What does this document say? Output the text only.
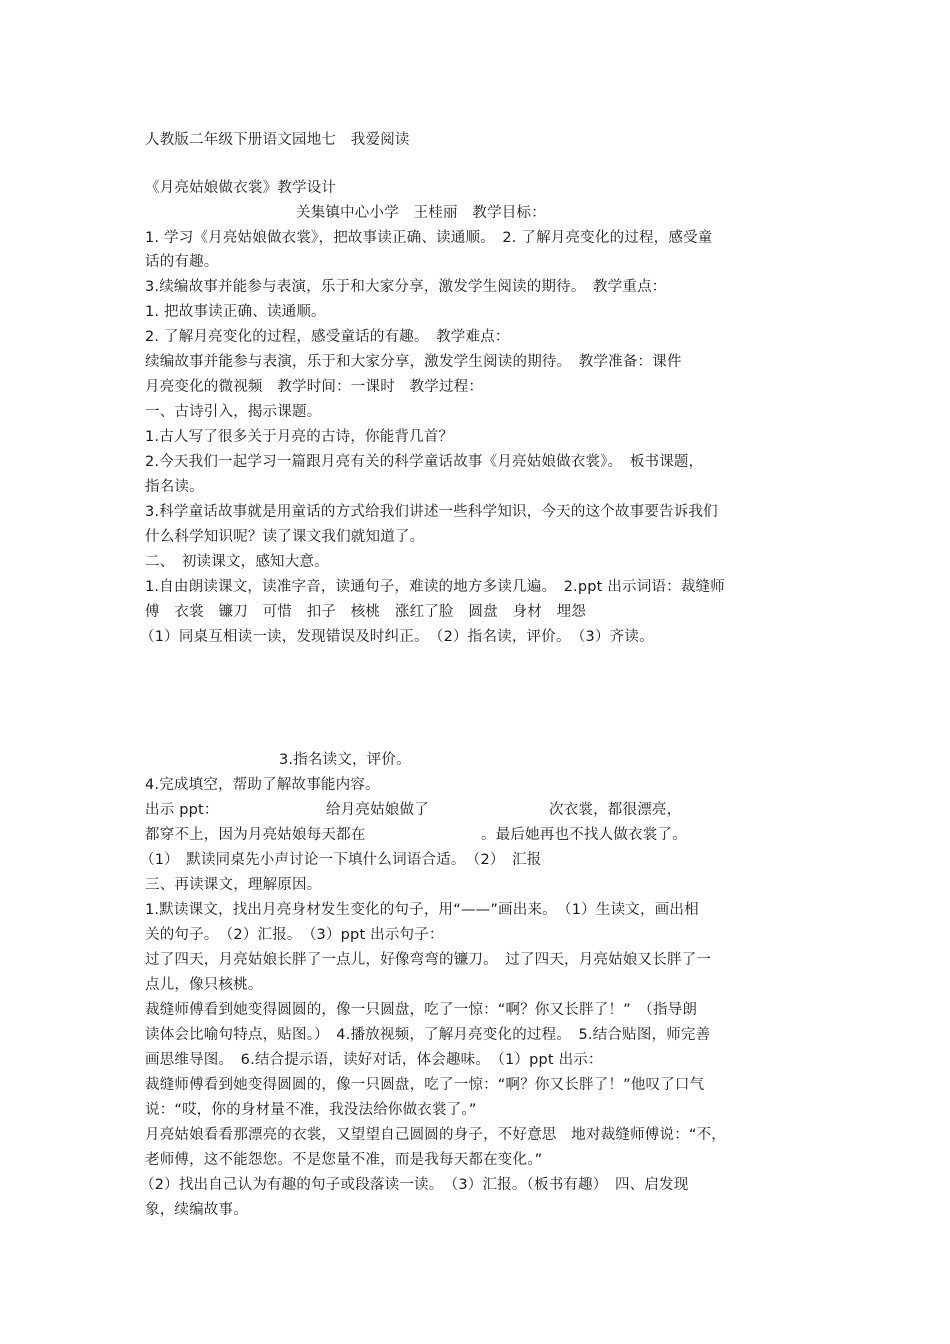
人教版二年级下册语文园地七　我爱阅读
《月亮姑娘做衣裳》教学设计
关集镇中心小学　王桂丽　教学目标：
1. 学习《月亮姑娘做衣裳》，把故事读正确、读通顺。　2. 了解月亮变化的过程，感受童
话的有趣。
3.续编故事并能参与表演，乐于和大家分享，激发学生阅读的期待。　教学重点：
1. 把故事读正确、读通顺。
2. 了解月亮变化的过程，感受童话的有趣。　教学难点：
续编故事并能参与表演，乐于和大家分享，激发学生阅读的期待。　教学准备：课件
月亮变化的微视频　教学时间：一课时　教学过程：
一、古诗引入，揭示课题。
1.古人写了很多关于月亮的古诗，你能背几首？
2.今天我们一起学习一篇跟月亮有关的科学童话故事《月亮姑娘做衣裳》。　板书课题，
指名读。
3.科学童话故事就是用童话的方式给我们讲述一些科学知识，今天的这个故事要告诉我们
什么科学知识呢？读了课文我们就知道了。
二、　初读课文，感知大意。
1.自由朗读课文，读准字音，读通句子，难读的地方多读几遍。　2.ppt 出示词语：裁缝师
傅　衣裳　镰刀　可惜　扣子　核桃　涨红了脸　圆盘　身材　埋怨
（1）同桌互相读一读，发现错误及时纠正。　（2）指名读，评价。　（3）齐读。
3.指名读文，评价。
4.完成填空，帮助了解故事能内容。
出示 ppt：	给月亮姑娘做了	次衣裳，都很漂亮，
都穿不上，因为月亮姑娘每天都在	。最后她再也不找人做衣裳了。
（1）　默读同桌先小声讨论一下填什么词语合适。　（2）　汇报
三、再读课文，理解原因。
1.默读课文，找出月亮身材发生变化的句子，用“——”画出来。　（1）生读文，画出相
关的句子。　（2）汇报。　（3）ppt 出示句子：
过了四天，月亮姑娘长胖了一点儿，好像弯弯的镰刀。　过了四天，月亮姑娘又长胖了一
点儿，像只核桃。
裁缝师傅看到她变得圆圆的，像一只圆盘，吃了一惊：“啊？你又长胖了！”　（指导朗
读体会比喻句特点，贴图。）　4.播放视频，了解月亮变化的过程。　5.结合贴图，师完善
画思维导图。　6.结合提示语，读好对话，体会趣味。　（1）ppt 出示：
裁缝师傅看到她变得圆圆的，像一只圆盘，吃了一惊：“啊？你又长胖了！”他叹了口气
说：“哎，你的身材量不准，我没法给你做衣裳了。”
月亮姑娘看看那漂亮的衣裳，又望望自己圆圆的身子，不好意思　地对裁缝师傅说：“不，
老师傅，这不能怨您。不是您量不准，而是我每天都在变化。”
（2）找出自己认为有趣的句子或段落读一读。　（3）汇报。（板书有趣）　四、启发现
象，续编故事。
